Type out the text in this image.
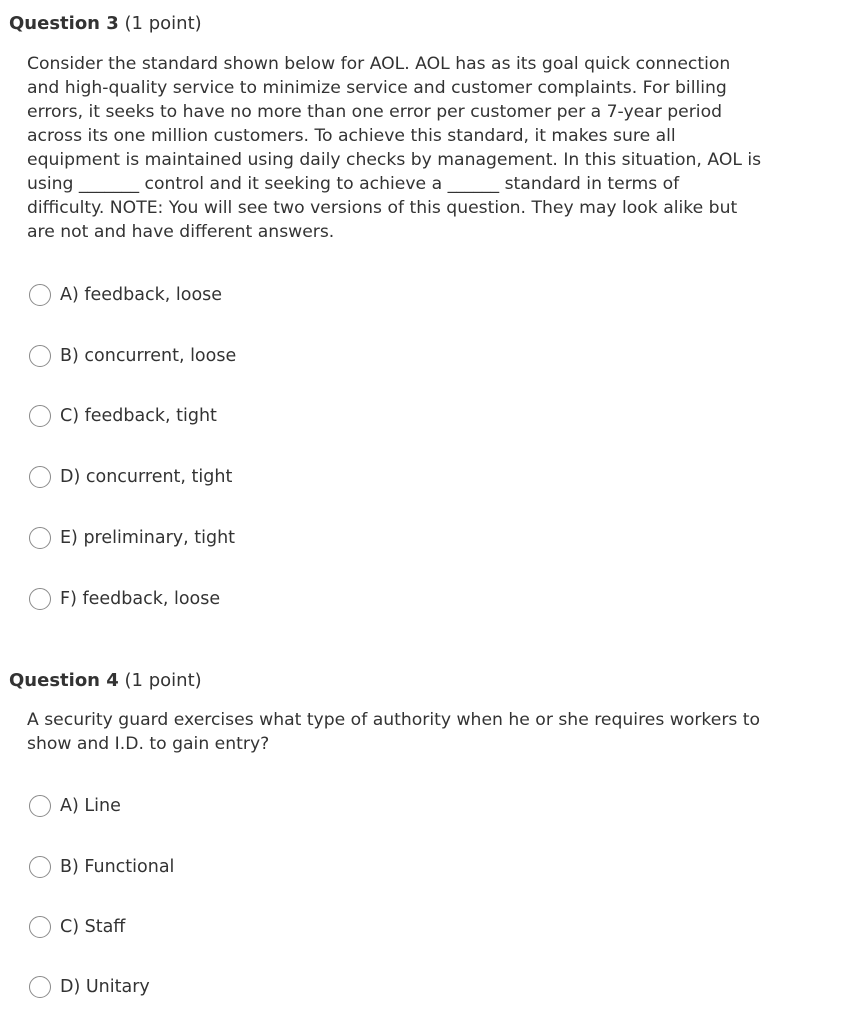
Question 3 (1 point)
Consider the standard shown below for AOL. AOL has as its goal quick connection
and high-quality service to minimize service and customer complaints. For billing
errors, it seeks to have no more than one error per customer per a 7-year period
across its one million customers. To achieve this standard, it makes sure all
equipment is maintained using daily checks by management. In this situation, AOL is
using _______ control and it seeking to achieve a ______ standard in terms of
difficulty. NOTE: You will see two versions of this question. They may look alike but
are not and have different answers.
A) feedback, loose
B) concurrent, loose
C) feedback, tight
D) concurrent, tight
E) preliminary, tight
F) feedback, loose
Question 4 (1 point)
A security guard exercises what type of authority when he or she requires workers to
show and I.D. to gain entry?
A) Line
B) Functional
C) Staff
D) Unitary
